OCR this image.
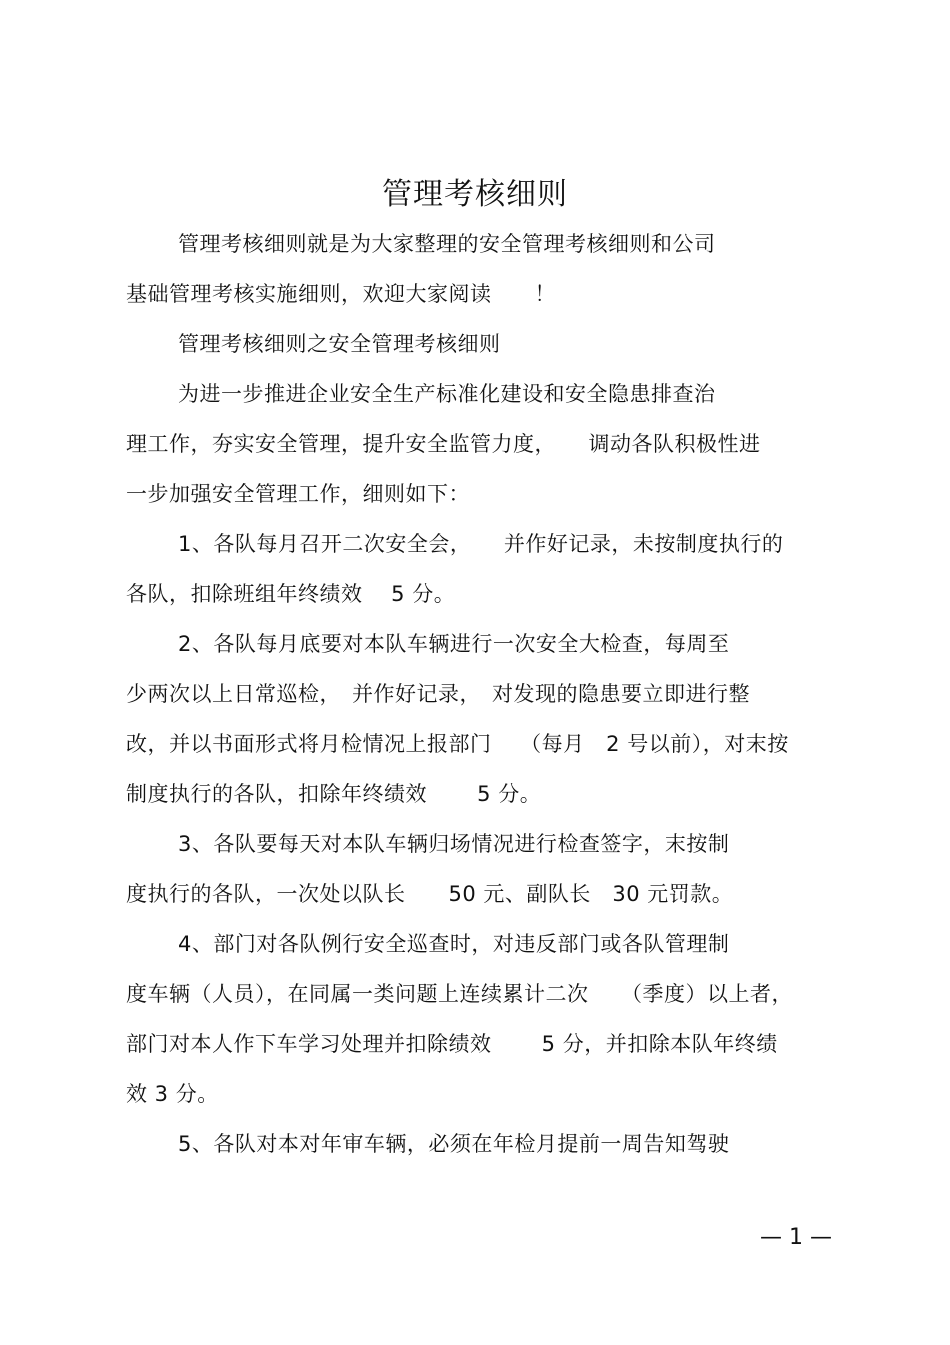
管理考核细则
管理考核细则就是为大家整理的安全管理考核细则和公司
基础管理考核实施细则，欢迎大家阅读　　！
管理考核细则之安全管理考核细则
为进一步推进企业安全生产标准化建设和安全隐患排查治
理工作，夯实安全管理，提升安全监管力度，　　调动各队积极性进
一步加强安全管理工作，细则如下：
1、各队每月召开二次安全会，　　并作好记录，未按制度执行的
各队，扣除班组年终绩效　 5 分。
2、各队每月底要对本队车辆进行一次安全大检查，每周至
少两次以上日常巡检，　并作好记录，　对发现的隐患要立即进行整
改，并以书面形式将月检情况上报部门　 （每月　2 号以前），对末按
制度执行的各队，扣除年终绩效　　 5 分。
3、各队要每天对本队车辆归场情况进行检查签字，末按制
度执行的各队，一次处以队长　　50 元、副队长　30 元罚款。
4、部门对各队例行安全巡查时，对违反部门或各队管理制
度车辆（人员），在同属一类问题上连续累计二次　　（季度）以上者，
部门对本人作下车学习处理并扣除绩效　　 5 分，并扣除本队年终绩
效 3 分。
5、各队对本对年审车辆，必须在年检月提前一周告知驾驶
— 1 —
